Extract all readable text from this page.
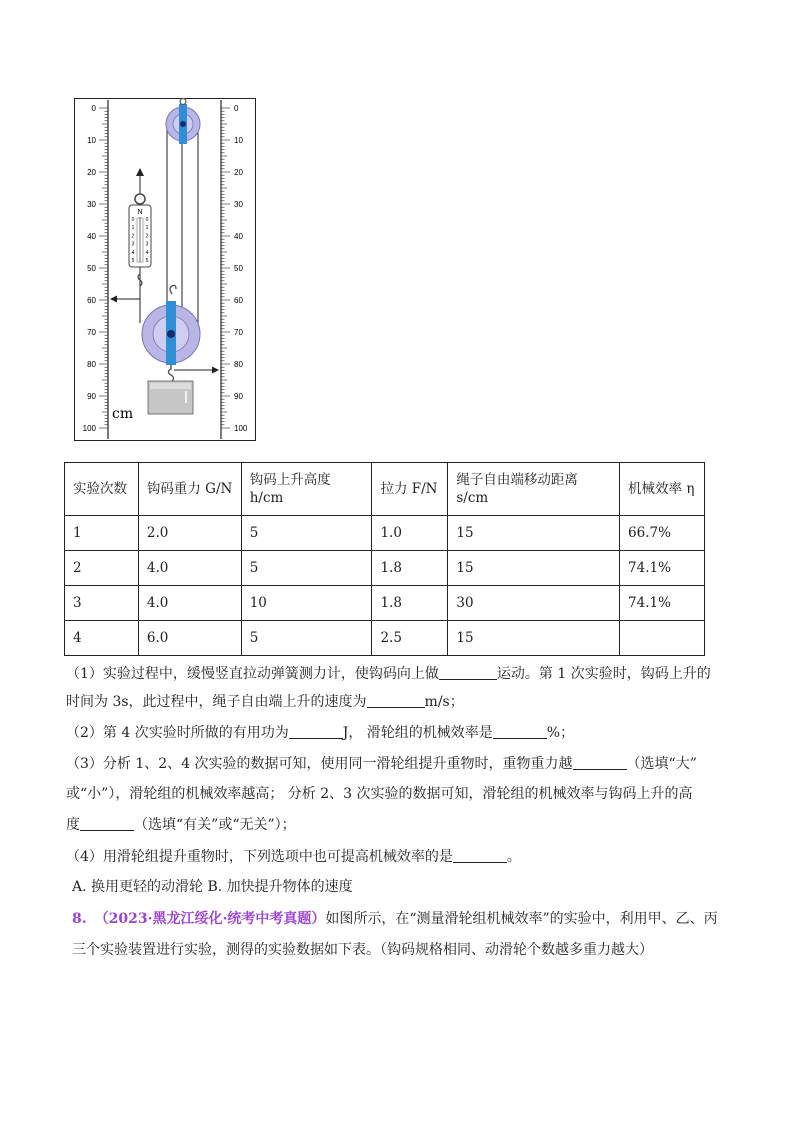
0
10
20
30
40
50
60
70
80
90
100
0
10
20
30
40
50
60
70
80
90
100
N
0 0
1 1
2 2
3 3
4 4
5 5
cm
实验次数	钩码重力 G/N	钩码上升高度 h/cm	拉力 F/N	绳子自由端移动距离 s/cm	机械效率 η
1	2.0	5	1.0	15	66.7%
2	4.0	5	1.8	15	74.1%
3	4.0	10	1.8	30	74.1%
4	6.0	5	2.5	15	
（1）实验过程中，缓慢竖直拉动弹簧测力计，使钩码向上做	运动。第 1 次实验时，钩码上升的
时间为 3s，此过程中，绳子自由端上升的速度为	m/s；
（2）第 4 次实验时所做的有用功为	J， 滑轮组的机械效率是	%；
（3）分析 1、2、4 次实验的数据可知，使用同一滑轮组提升重物时，重物重力越	（选填“大”
或“小”），滑轮组的机械效率越高； 分析 2、3 次实验的数据可知，滑轮组的机械效率与钩码上升的高
度	（选填“有关”或“无关”）；
（4）用滑轮组提升重物时，下列选项中也可提高机械效率的是	。
A. 换用更轻的动滑轮 B. 加快提升物体的速度
8. （2023·黑龙江绥化·统考中考真题）如图所示，在“测量滑轮组机械效率”的实验中，利用甲、乙、丙
三个实验装置进行实验，测得的实验数据如下表。（钩码规格相同、动滑轮个数越多重力越大）
